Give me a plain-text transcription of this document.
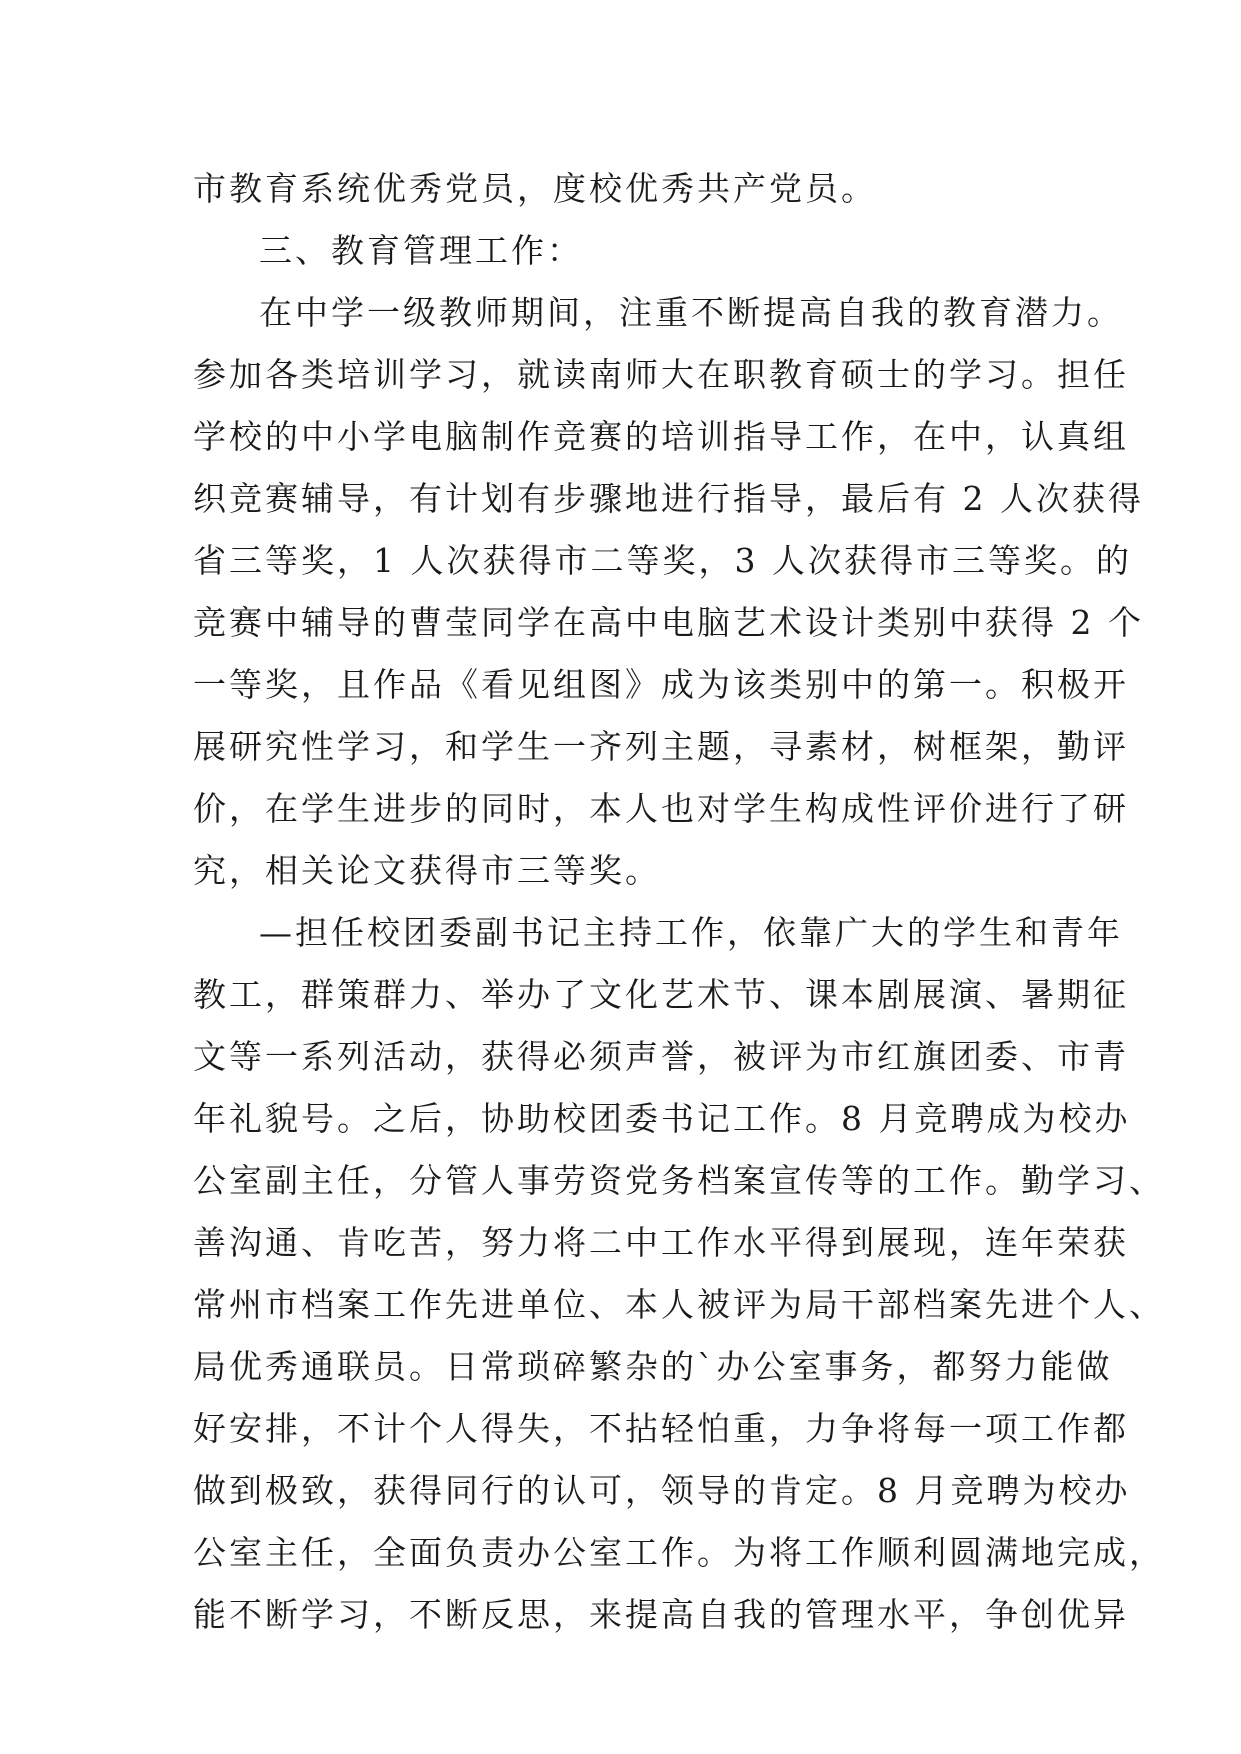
市教育系统优秀党员，度校优秀共产党员。
三、教育管理工作：
在中学一级教师期间，注重不断提高自我的教育潜力。
参加各类培训学习，就读南师大在职教育硕士的学习。担任
学校的中小学电脑制作竞赛的培训指导工作，在中，认真组
织竞赛辅导，有计划有步骤地进行指导，最后有 2 人次获得
省三等奖，1 人次获得市二等奖，3 人次获得市三等奖。的
竞赛中辅导的曹莹同学在高中电脑艺术设计类别中获得 2 个
一等奖，且作品《看见组图》成为该类别中的第一。积极开
展研究性学习，和学生一齐列主题，寻素材，树框架，勤评
价，在学生进步的同时，本人也对学生构成性评价进行了研
究，相关论文获得市三等奖。
—担任校团委副书记主持工作，依靠广大的学生和青年
教工，群策群力、举办了文化艺术节、课本剧展演、暑期征
文等一系列活动，获得必须声誉，被评为市红旗团委、市青
年礼貌号。之后，协助校团委书记工作。8 月竞聘成为校办
公室副主任，分管人事劳资党务档案宣传等的工作。勤学习、
善沟通、肯吃苦，努力将二中工作水平得到展现，连年荣获
常州市档案工作先进单位、本人被评为局干部档案先进个人、
局优秀通联员。日常琐碎繁杂的`办公室事务，都努力能做
好安排，不计个人得失，不拈轻怕重，力争将每一项工作都
做到极致，获得同行的认可，领导的肯定。8 月竞聘为校办
公室主任，全面负责办公室工作。为将工作顺利圆满地完成，
能不断学习，不断反思，来提高自我的管理水平，争创优异
